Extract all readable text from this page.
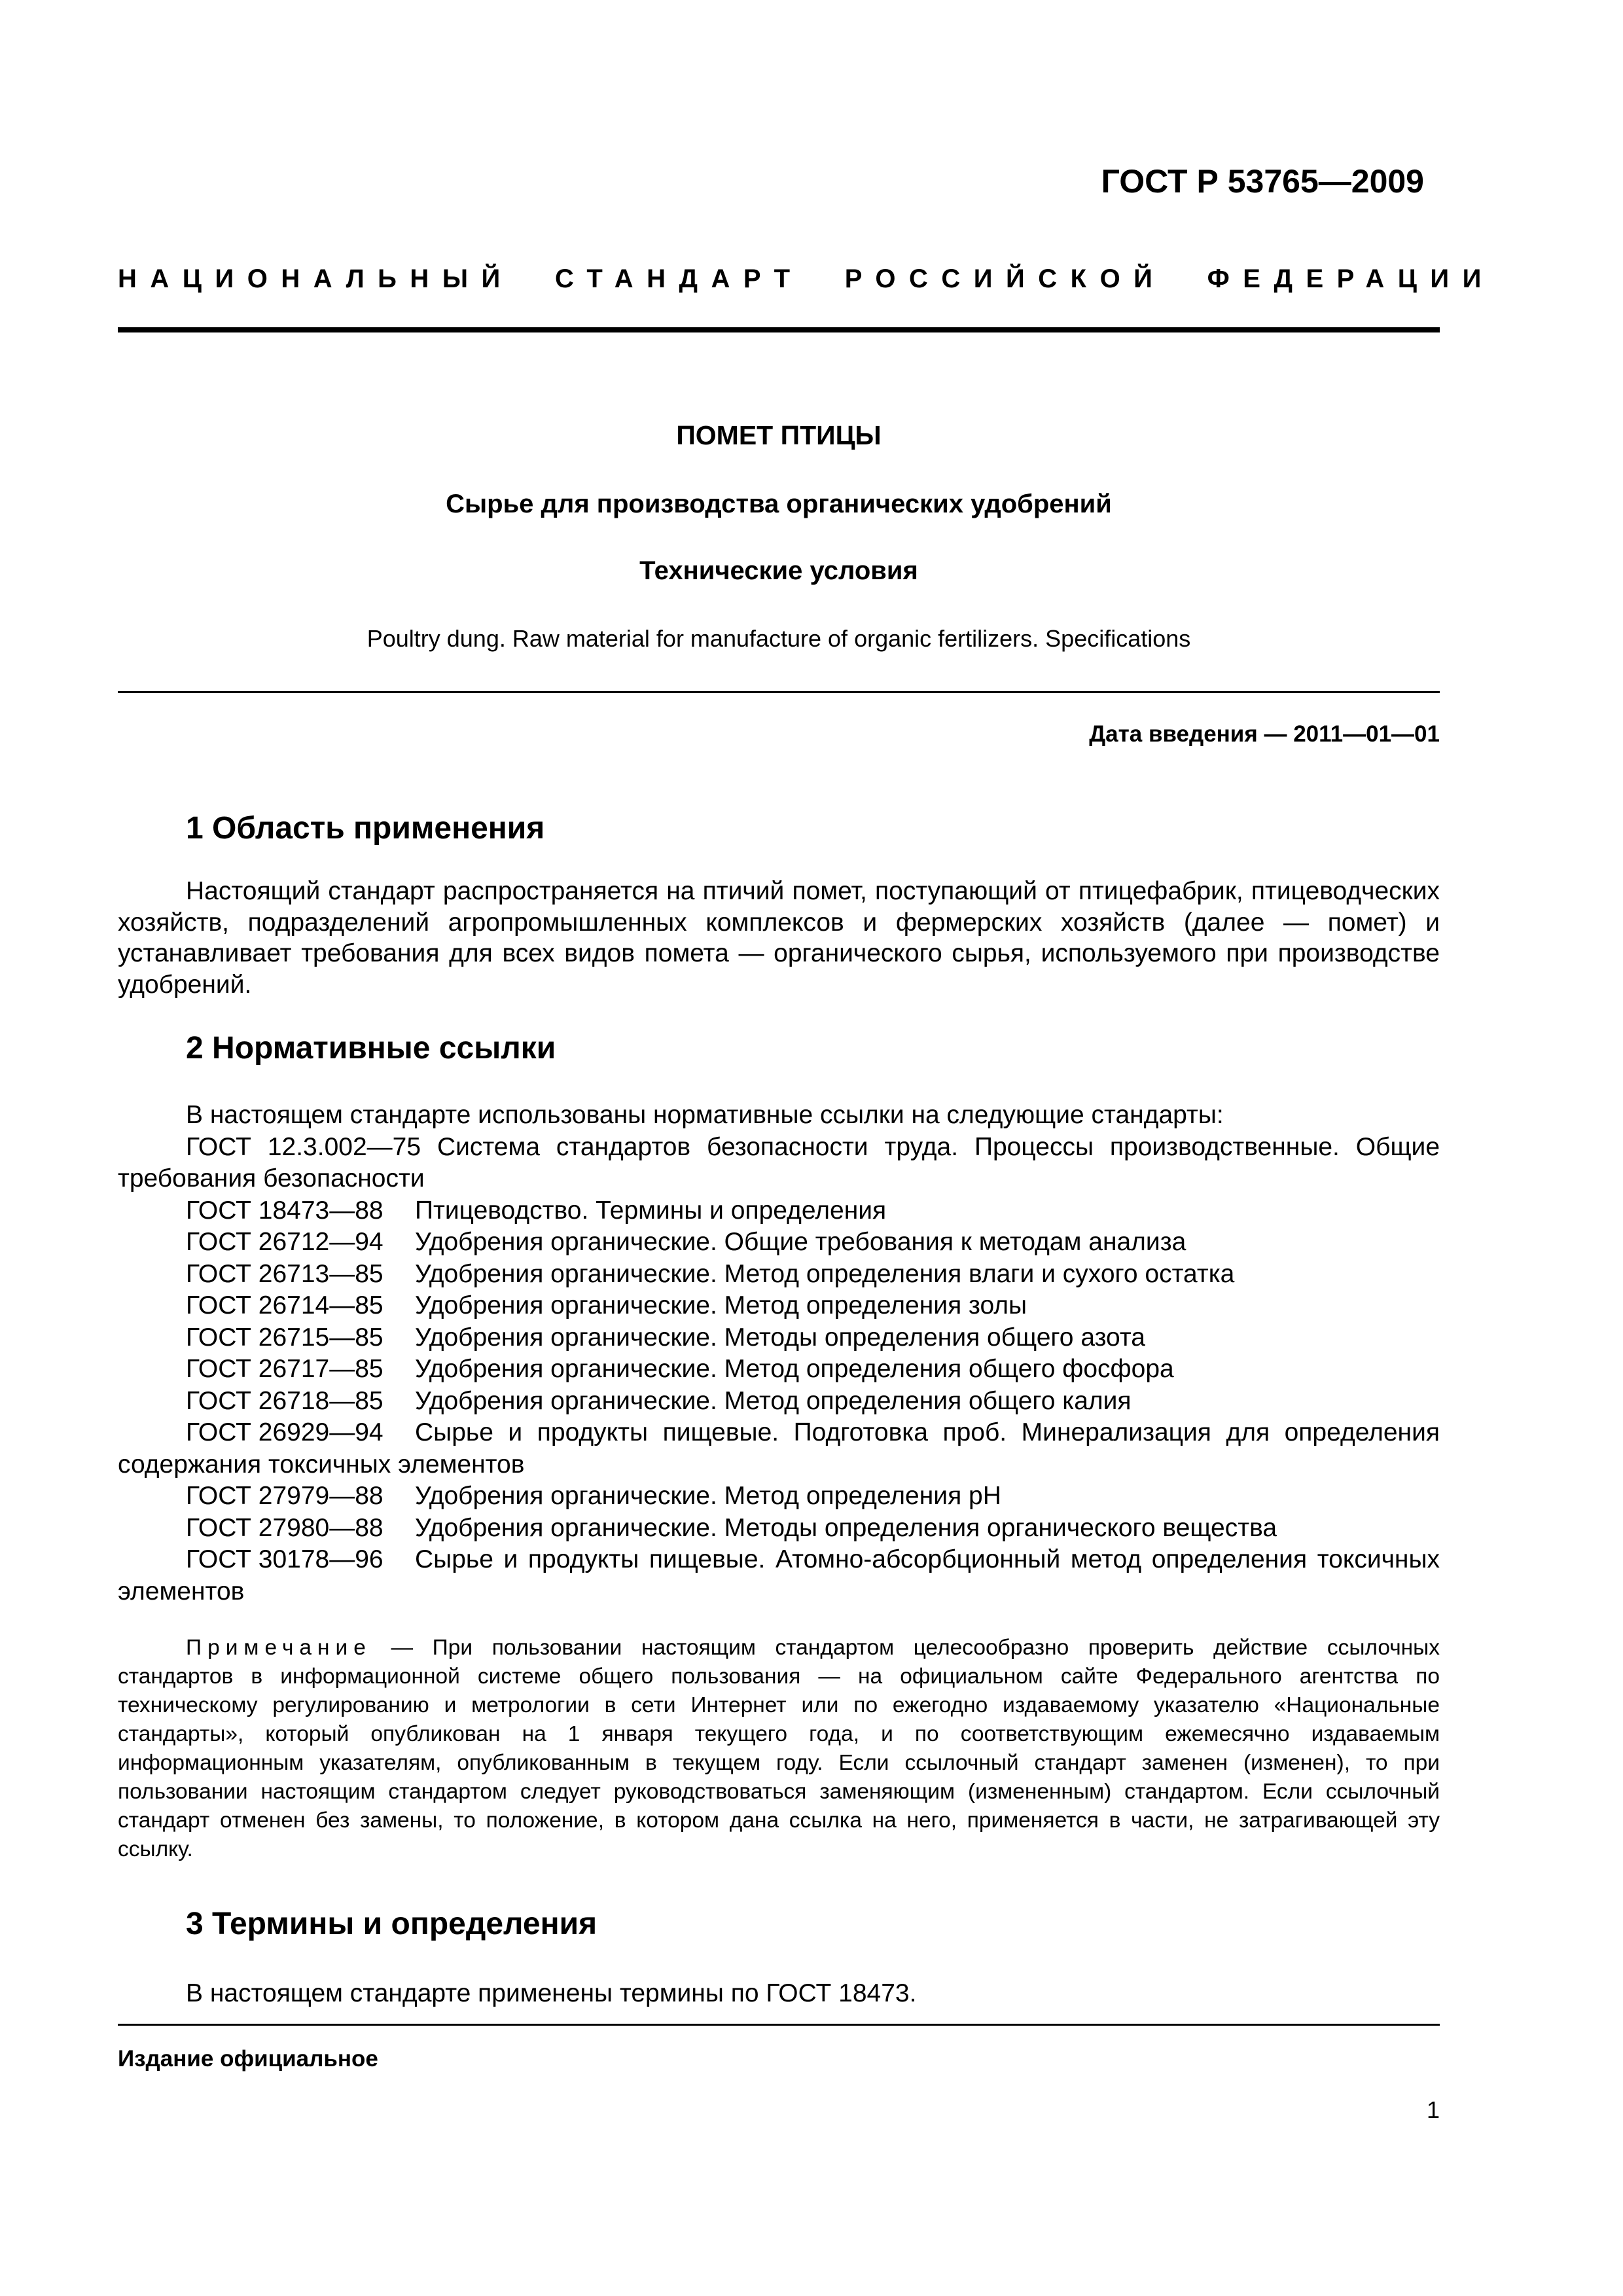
ГОСТ Р 53765—2009
НАЦИОНАЛЬНЫЙ  СТАНДАРТ  РОССИЙСКОЙ  ФЕДЕРАЦИИ
ПОМЕТ ПТИЦЫ
Сырье для производства органических удобрений
Технические условия
Poultry dung. Raw material for manufacture of organic fertilizers. Specifications
Дата введения — 2011—01—01
1 Область применения
Настоящий стандарт распространяется на птичий помет, поступающий от птицефабрик, птицеводческих хозяйств, подразделений агропромышленных комплексов и фермерских хозяйств (далее — помет) и устанавливает требования для всех видов помета — органического сырья, используемого при производстве удобрений.
2 Нормативные ссылки
В настоящем стандарте использованы нормативные ссылки на следующие стандарты:
ГОСТ 12.3.002—75 Система стандартов безопасности труда. Процессы производственные. Общие требования безопасности
ГОСТ 18473—88 Птицеводство. Термины и определения
ГОСТ 26712—94 Удобрения органические. Общие требования к методам анализа
ГОСТ 26713—85 Удобрения органические. Метод определения влаги и сухого остатка
ГОСТ 26714—85 Удобрения органические. Метод определения золы
ГОСТ 26715—85 Удобрения органические. Методы определения общего азота
ГОСТ 26717—85 Удобрения органические. Метод определения общего фосфора
ГОСТ 26718—85 Удобрения органические. Метод определения общего калия
ГОСТ 26929—94 Сырье и продукты пищевые. Подготовка проб. Минерализация для определения содержания токсичных элементов
ГОСТ 27979—88 Удобрения органические. Метод определения pH
ГОСТ 27980—88 Удобрения органические. Методы определения органического вещества
ГОСТ 30178—96 Сырье и продукты пищевые. Атомно-абсорбционный метод определения токсичных элементов
Примечание — При пользовании настоящим стандартом целесообразно проверить действие ссылочных стандартов в информационной системе общего пользования — на официальном сайте Федерального агентства по техническому регулированию и метрологии в сети Интернет или по ежегодно издаваемому указателю «Национальные стандарты», который опубликован на 1 января текущего года, и по соответствующим ежемесячно издаваемым информационным указателям, опубликованным в текущем году. Если ссылочный стандарт заменен (изменен), то при пользовании настоящим стандартом следует руководствоваться заменяющим (измененным) стандартом. Если ссылочный стандарт отменен без замены, то положение, в котором дана ссылка на него, применяется в части, не затрагивающей эту ссылку.
3 Термины и определения
В настоящем стандарте применены термины по ГОСТ 18473.
Издание официальное
1
